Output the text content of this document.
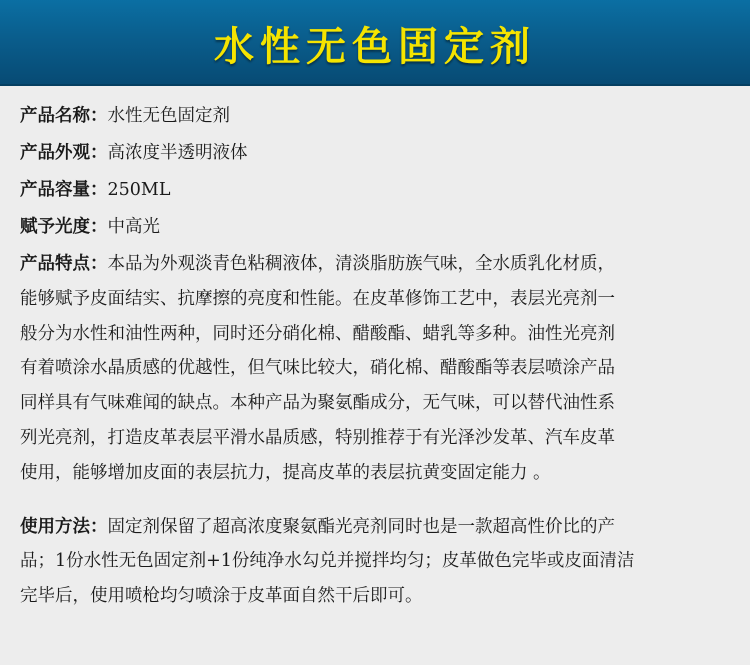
水性无色固定剂
产品名称：水性无色固定剂
产品外观：高浓度半透明液体
产品容量：250ML
赋予光度：中高光

产品特点：本品为外观淡青色粘稠液体，清淡脂肪族气味，全水质乳化材质，

能够赋予皮面结实、抗摩擦的亮度和性能。在皮革修饰工艺中，表层光亮剂一

般分为水性和油性两种，同时还分硝化棉、醋酸酯、蜡乳等多种。油性光亮剂

有着喷涂水晶质感的优越性，但气味比较大，硝化棉、醋酸酯等表层喷涂产品

同样具有气味难闻的缺点。本种产品为聚氨酯成分，无气味，可以替代油性系

列光亮剂，打造皮革表层平滑水晶质感，特别推荐于有光泽沙发革、汽车皮革

使用，能够增加皮面的表层抗力，提高皮革的表层抗黄变固定能力 。

使用方法：固定剂保留了超高浓度聚氨酯光亮剂同时也是一款超高性价比的产

品；1份水性无色固定剂+1份纯净水勾兑并搅拌均匀；皮革做色完毕或皮面清洁

完毕后，使用喷枪均匀喷涂于皮革面自然干后即可。
